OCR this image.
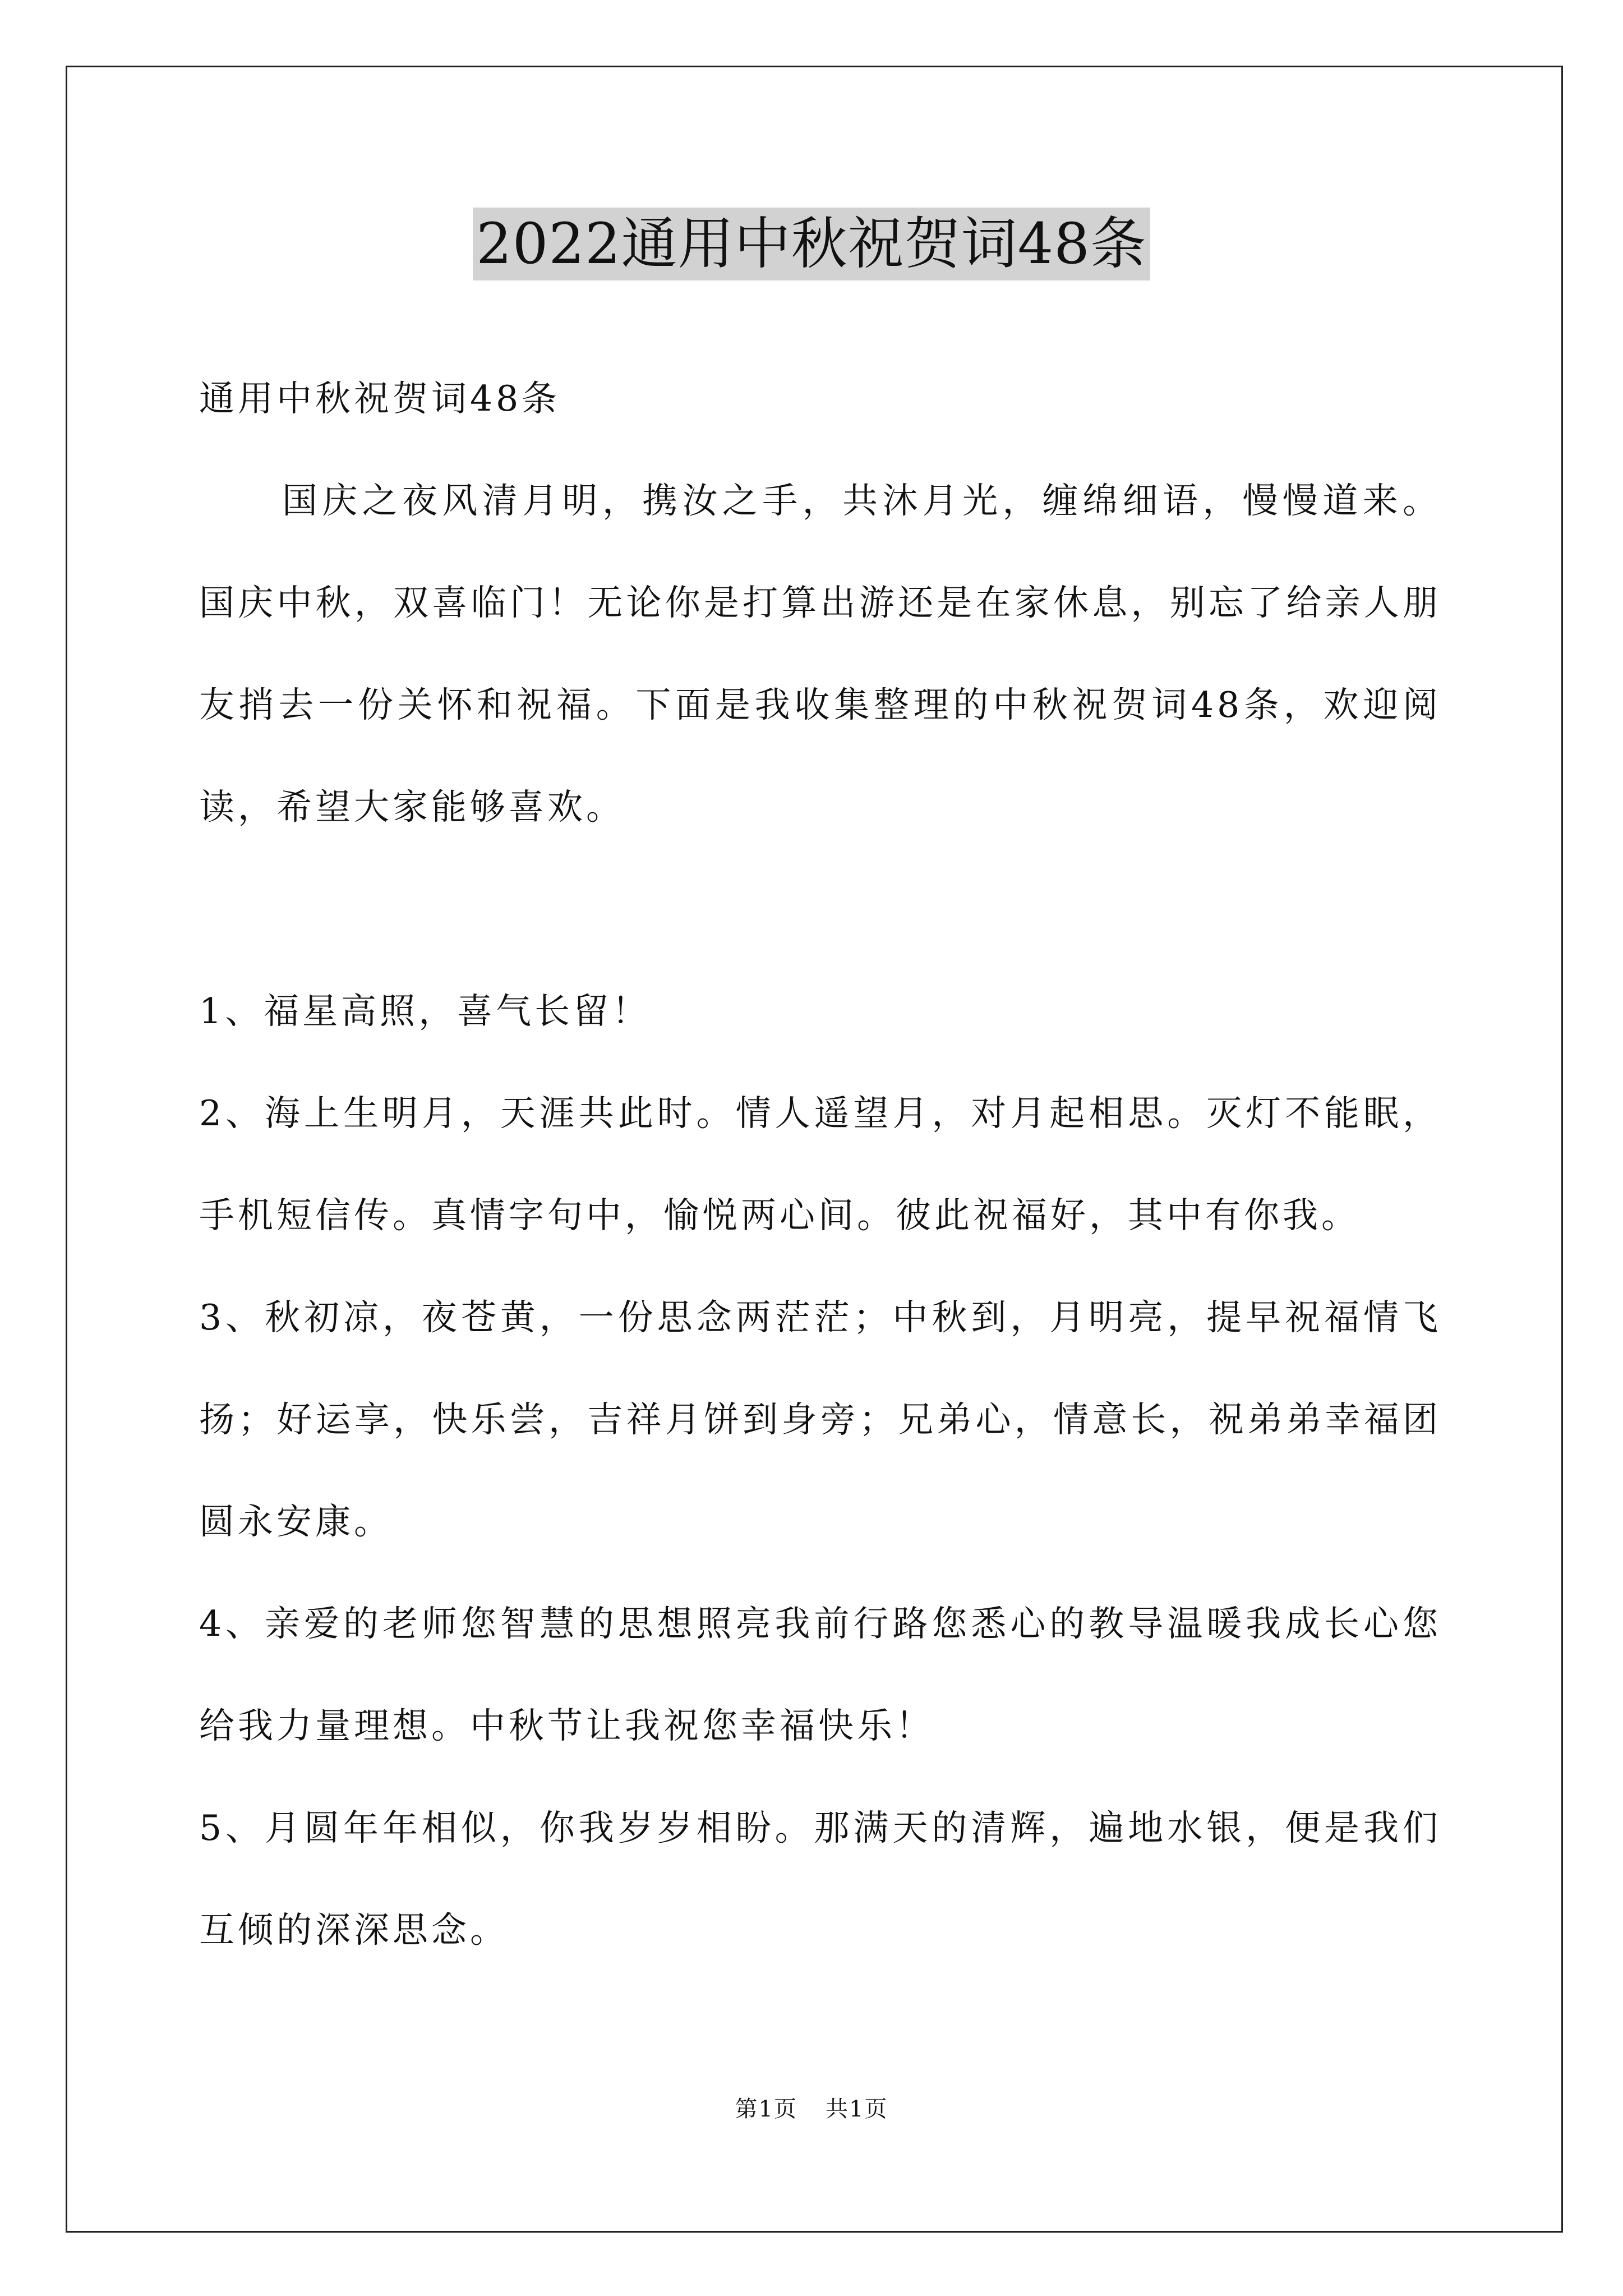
2022通用中秋祝贺词48条

通用中秋祝贺词48条

国庆之夜风清月明，携汝之手，共沐月光，缠绵细语，慢慢道来。国庆中秋，双喜临门！无论你是打算出游还是在家休息，别忘了给亲人朋友捎去一份关怀和祝福。下面是我收集整理的中秋祝贺词48条，欢迎阅读，希望大家能够喜欢。

1、福星高照，喜气长留！

2、海上生明月，天涯共此时。情人遥望月，对月起相思。灭灯不能眠，手机短信传。真情字句中，愉悦两心间。彼此祝福好，其中有你我。

3、秋初凉，夜苍黄，一份思念两茫茫；中秋到，月明亮，提早祝福情飞扬；好运享，快乐尝，吉祥月饼到身旁；兄弟心，情意长，祝弟弟幸福团圆永安康。

4、亲爱的老师您智慧的思想照亮我前行路您悉心的教导温暖我成长心您给我力量理想。中秋节让我祝您幸福快乐！

5、月圆年年相似，你我岁岁相盼。那满天的清辉，遍地水银，便是我们互倾的深深思念。

第1页 共1页
